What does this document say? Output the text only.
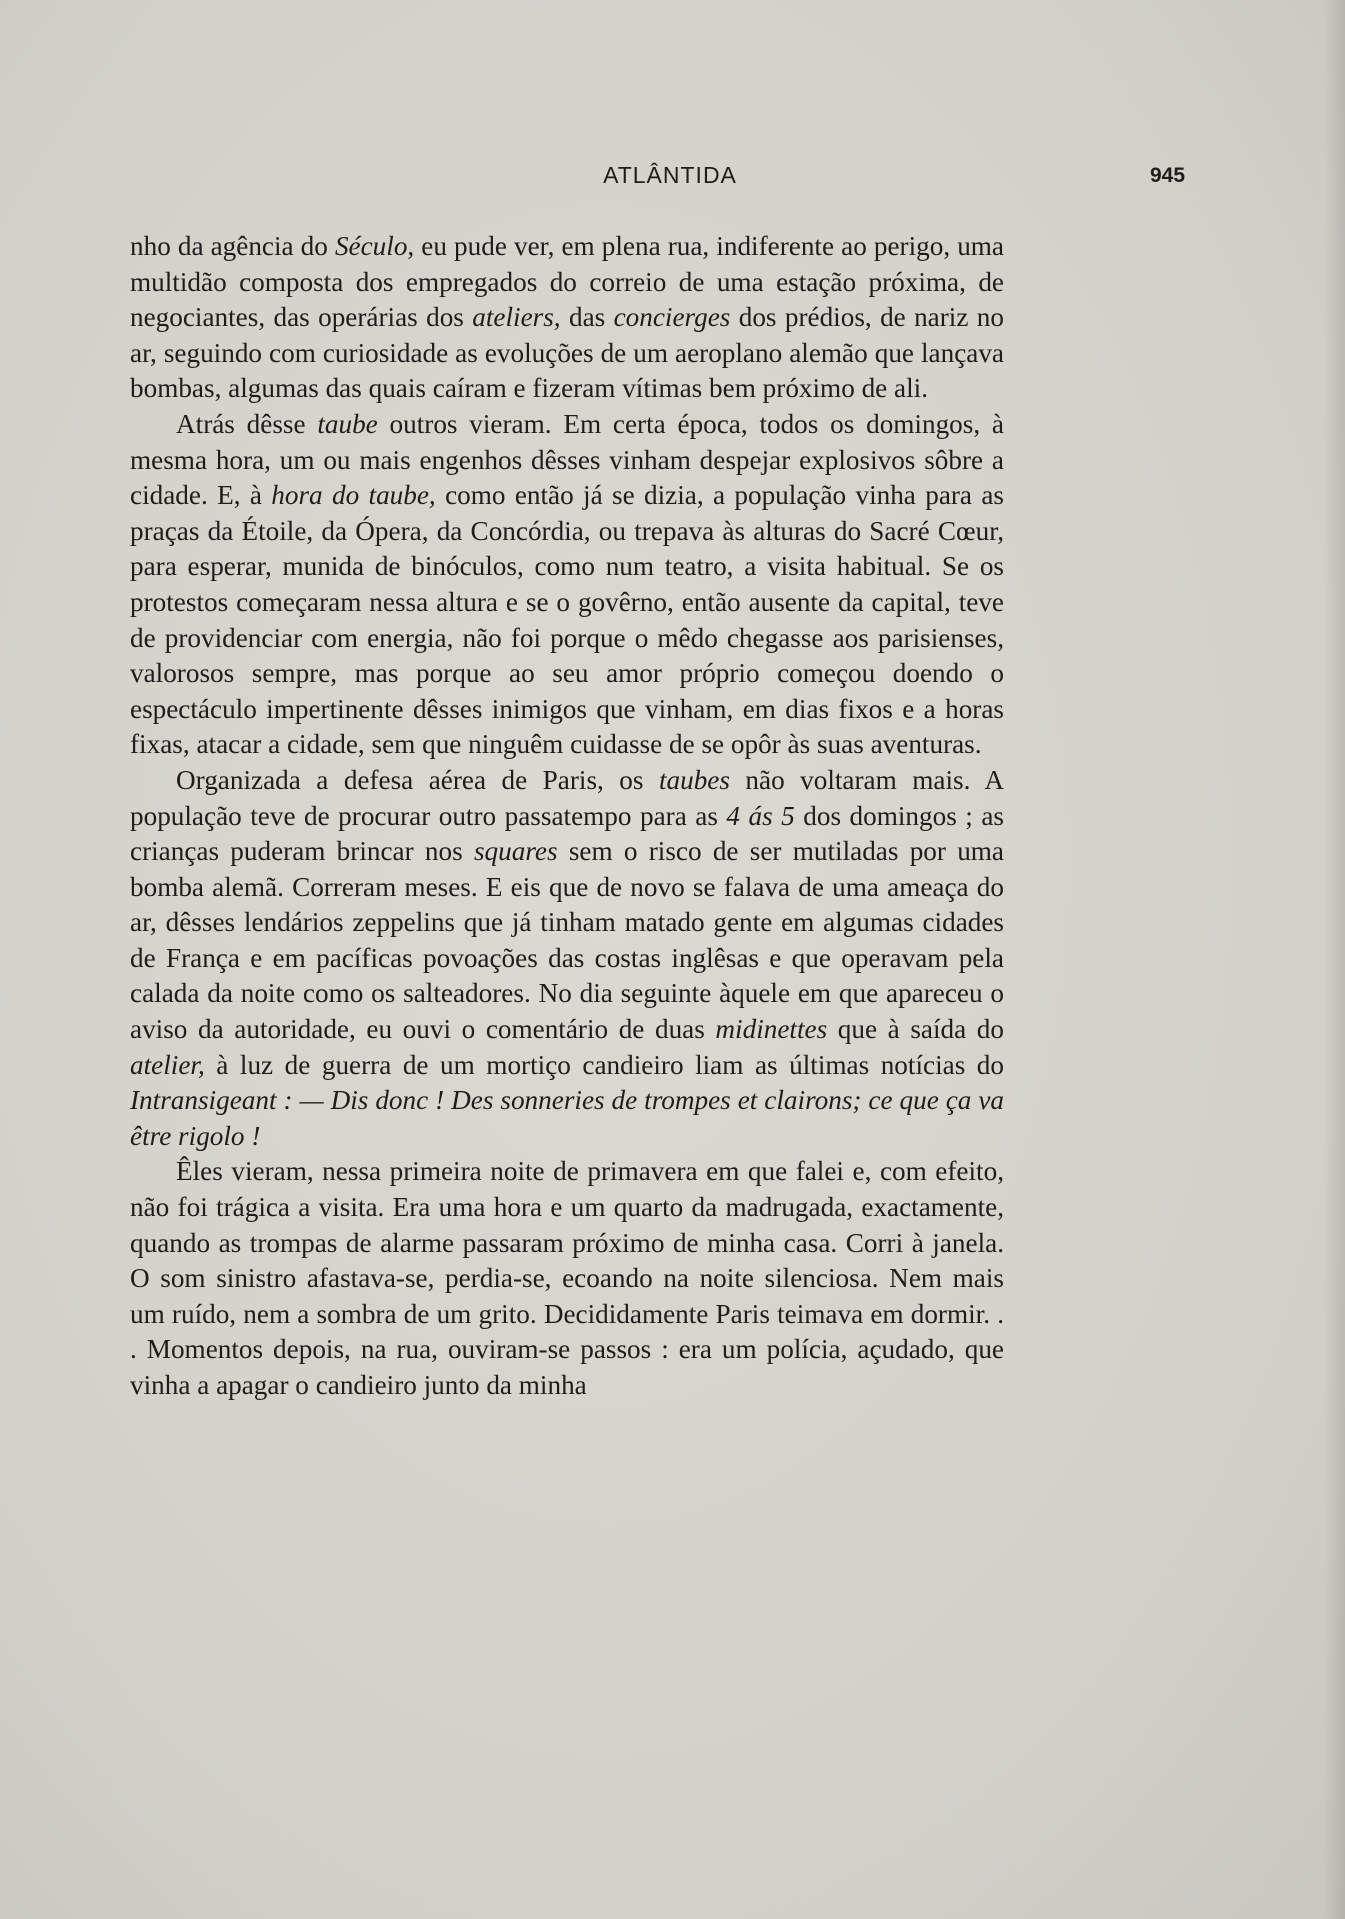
ATLÂNTIDA	945

nho da agência do Século, eu pude ver, em plena rua, indiferente ao perigo, uma multidão composta dos empregados do correio de uma estação próxima, de negociantes, das operárias dos ateliers, das concierges dos prédios, de nariz no ar, seguindo com curiosidade as evoluções de um aeroplano alemão que lançava bombas, algumas das quais caíram e fizeram vítimas bem próximo de ali.

Atrás dêsse taube outros vieram. Em certa época, todos os domingos, à mesma hora, um ou mais engenhos dêsses vinham despejar explosivos sôbre a cidade. E, à hora do taube, como então já se dizia, a população vinha para as praças da Étoile, da Ópera, da Concórdia, ou trepava às alturas do Sacré Cœur, para esperar, munida de binóculos, como num teatro, a visita habitual. Se os protestos começaram nessa altura e se o govêrno, então ausente da capital, teve de providenciar com energia, não foi porque o mêdo chegasse aos parisienses, valorosos sempre, mas porque ao seu amor próprio começou doendo o espectáculo impertinente dêsses inimigos que vinham, em dias fixos e a horas fixas, atacar a cidade, sem que ninguêm cuidasse de se opôr às suas aventuras.

Organizada a defesa aérea de Paris, os taubes não voltaram mais. A população teve de procurar outro passatempo para as 4 ás 5 dos domingos ; as crianças puderam brincar nos squares sem o risco de ser mutiladas por uma bomba alemã. Correram meses. E eis que de novo se falava de uma ameaça do ar, dêsses lendários zeppelins que já tinham matado gente em algumas cidades de França e em pacíficas povoações das costas inglêsas e que operavam pela calada da noite como os salteadores. No dia seguinte àquele em que apareceu o aviso da autoridade, eu ouvi o comentário de duas midinettes que à saída do atelier, à luz de guerra de um mortiço candieiro liam as últimas notícias do Intransigeant : — Dis donc ! Des sonneries de trompes et clairons; ce que ça va être rigolo !

Êles vieram, nessa primeira noite de primavera em que falei e, com efeito, não foi trágica a visita. Era uma hora e um quarto da madrugada, exactamente, quando as trompas de alarme passaram próximo de minha casa. Corri à janela. O som sinistro afastava-se, perdia-se, ecoando na noite silenciosa. Nem mais um ruído, nem a sombra de um grito. Decididamente Paris teimava em dormir. . . Momentos depois, na rua, ouviram-se passos : era um polícia, açudado, que vinha a apagar o candieiro junto da minha
